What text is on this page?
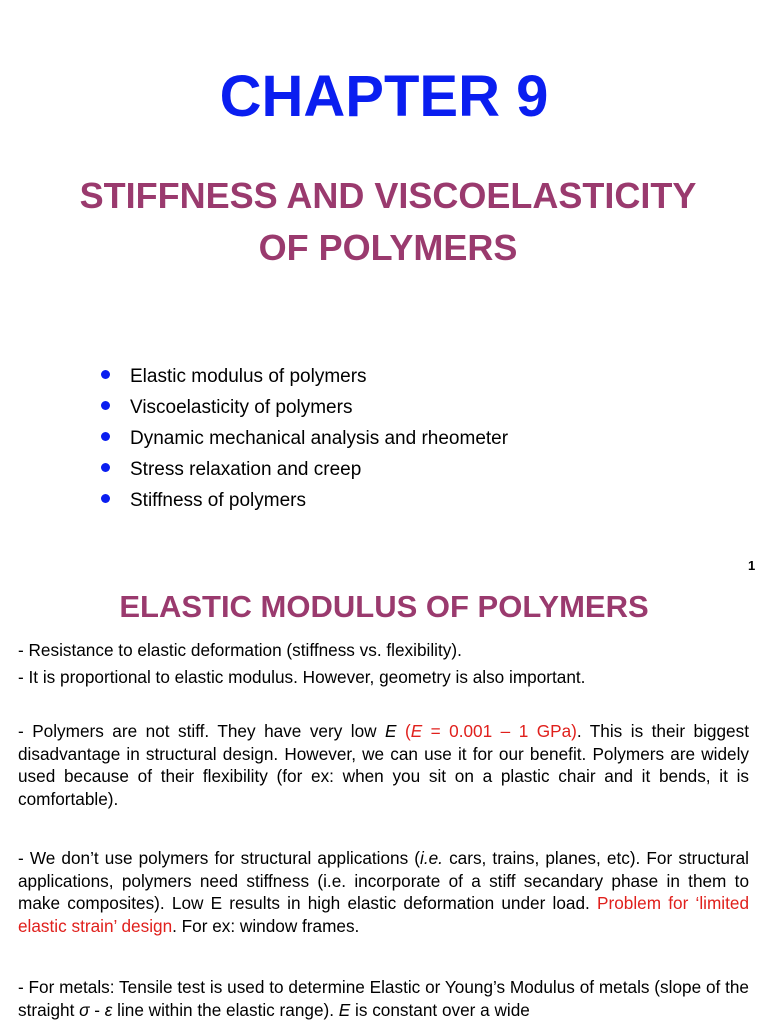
CHAPTER 9
STIFFNESS AND VISCOELASTICITY
OF POLYMERS
Elastic modulus of polymers
Viscoelasticity of polymers
Dynamic mechanical analysis and rheometer
Stress relaxation and creep
Stiffness of polymers
1
ELASTIC MODULUS OF POLYMERS

- Resistance to elastic deformation (stiffness vs. flexibility).

- It is proportional to elastic modulus. However, geometry is also important.

- Polymers are not stiff. They have very low E (E = 0.001 – 1 GPa). This is their biggest disadvantage in structural design. However, we can use it for our benefit. Polymers are widely used because of their flexibility (for ex: when you sit on a plastic chair and it bends, it is comfortable).

- We don’t use polymers for structural applications (i.e. cars, trains, planes, etc). For structural applications, polymers need stiffness (i.e. incorporate of a stiff secandary phase in them to make composites). Low E results in high elastic deformation under load. Problem for ‘limited elastic strain’ design. For ex: window frames.

- For metals: Tensile test is used to determine Elastic or Young’s Modulus of metals (slope of the straight σ - ε line within the elastic range). E is constant over a wide
